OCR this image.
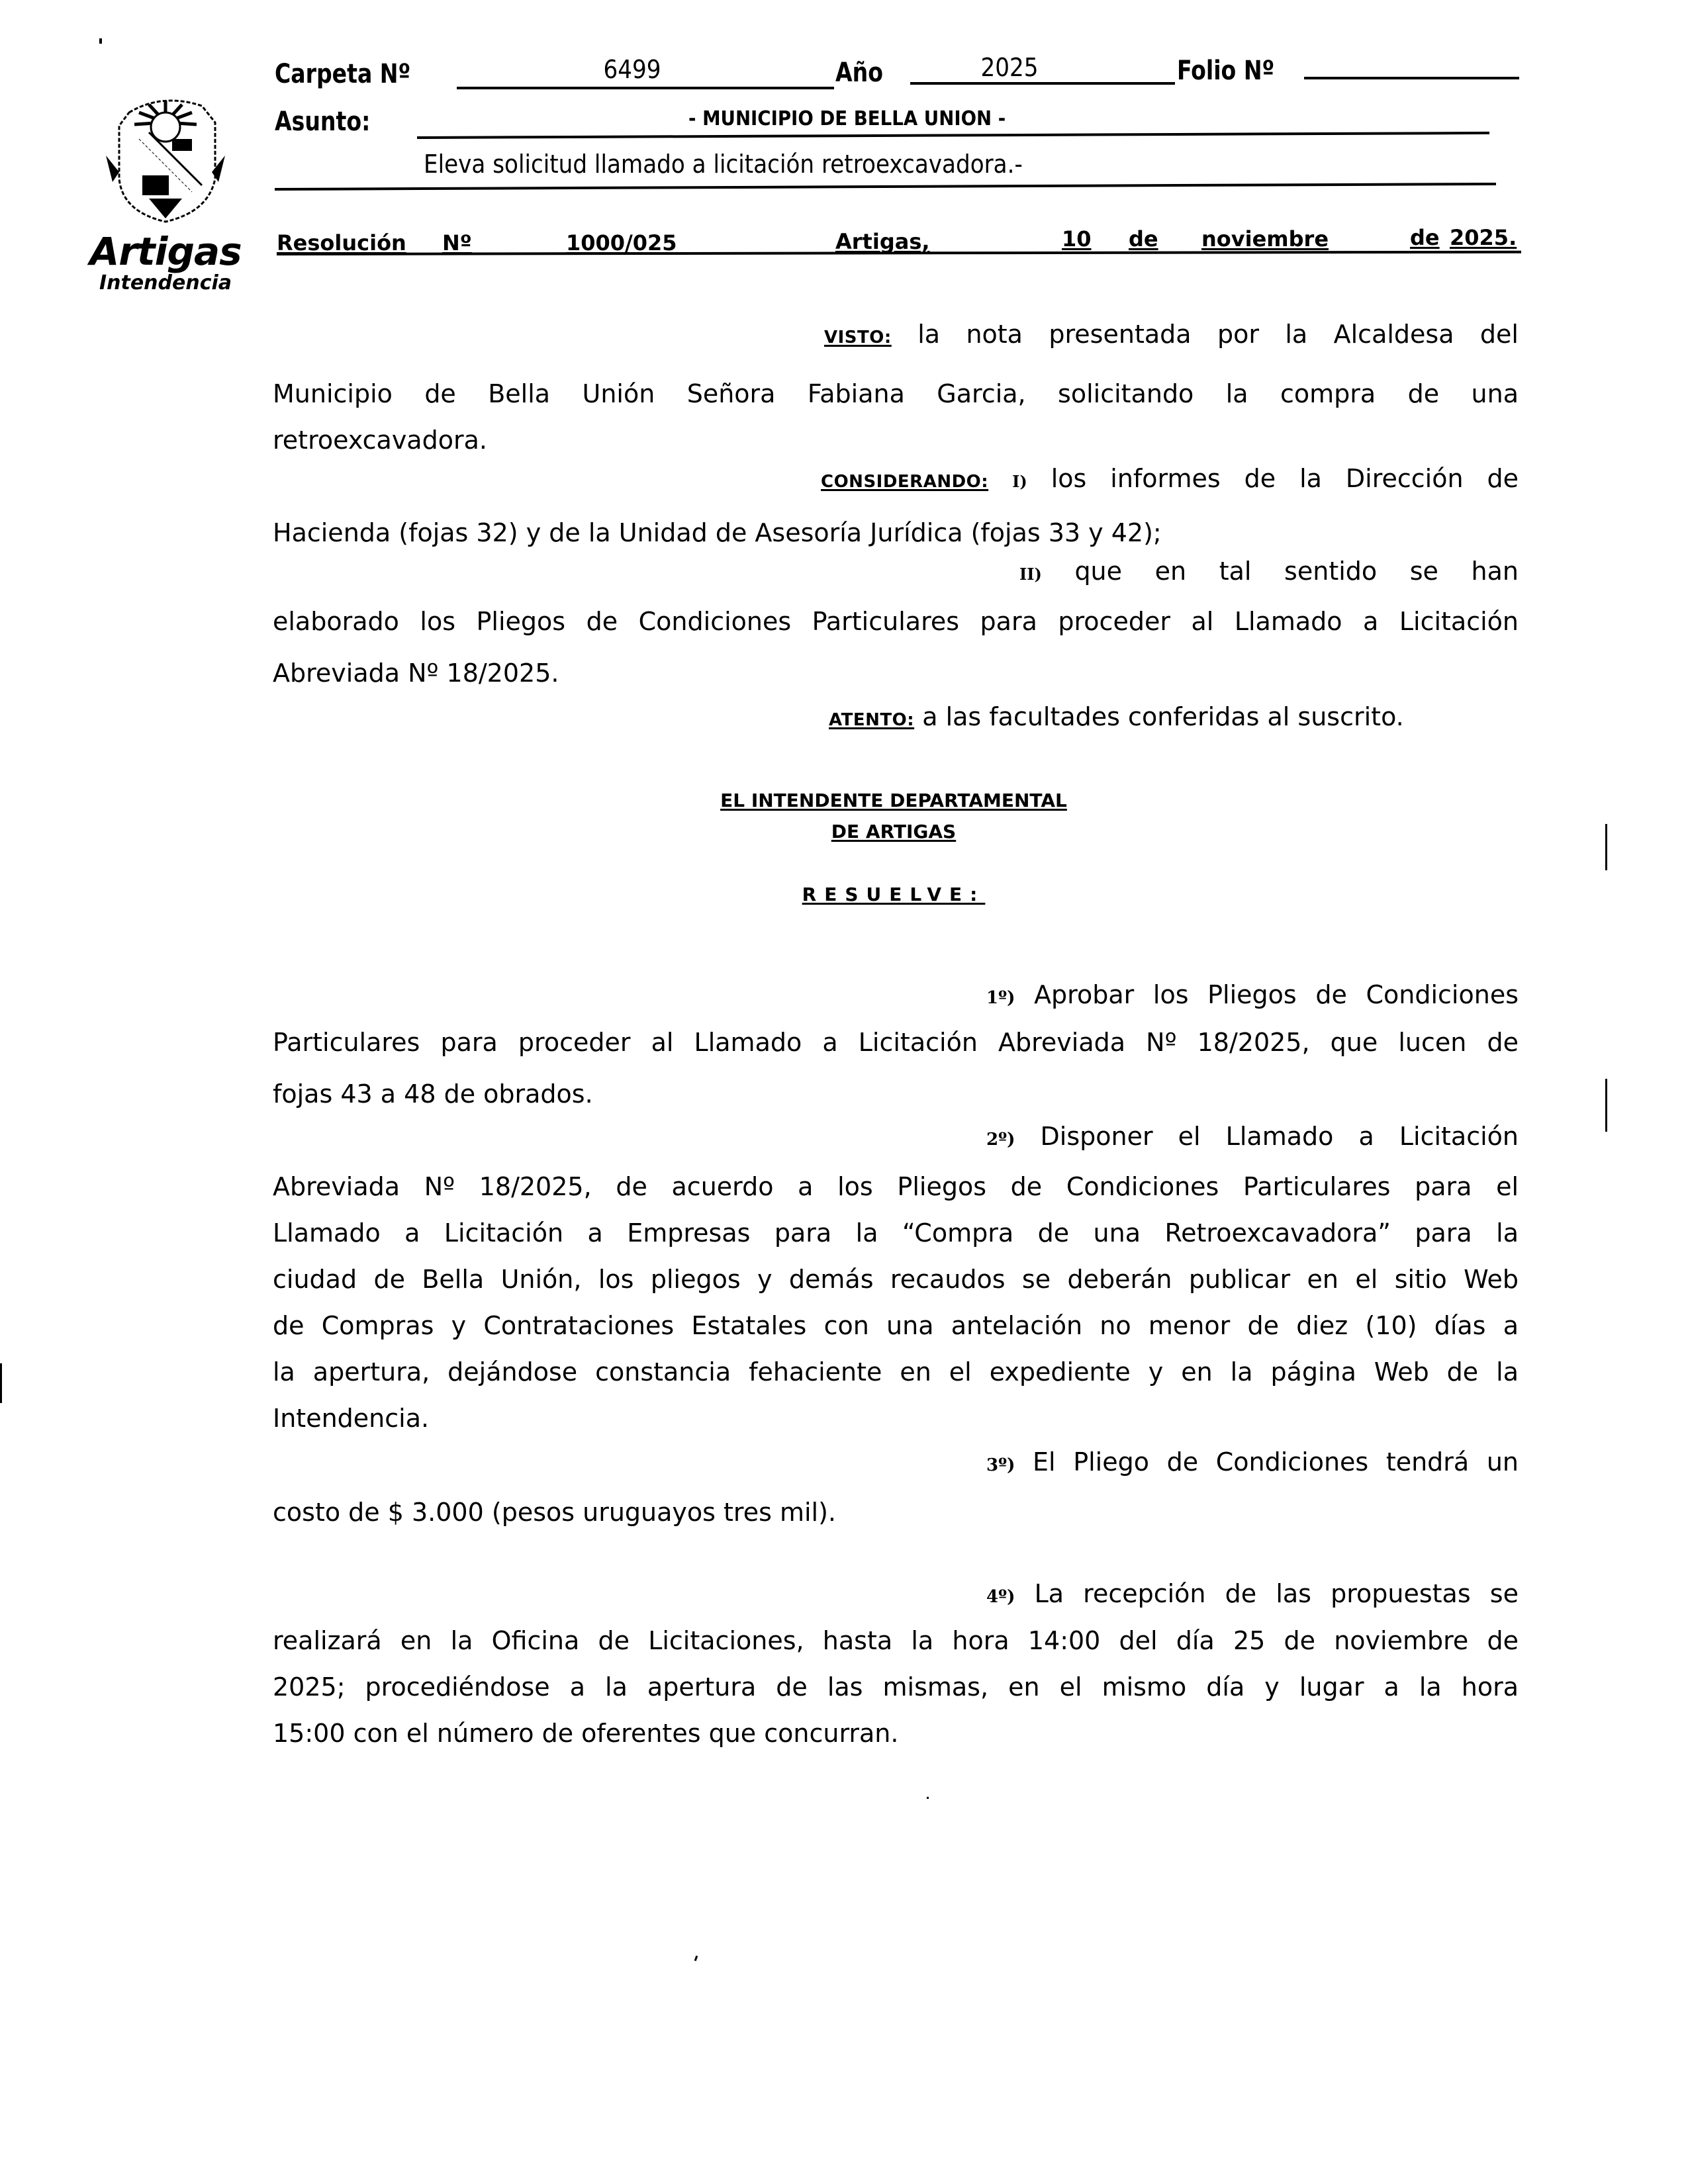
Artigas
Intendencia
Carpeta Nº	6499	Año	2025	Folio Nº
Asunto:	- MUNICIPIO DE BELLA UNION -
Eleva solicitud llamado a licitación retroexcavadora.-
Resolución Nº	1000/025	Artigas,	10 de noviembre	de 2025.
VISTO: la nota presentada por la Alcaldesa del
Municipio de Bella Unión Señora Fabiana Garcia, solicitando la compra de una
retroexcavadora.
CONSIDERANDO: I) los informes de la Dirección de
Hacienda (fojas 32) y de la Unidad de Asesoría Jurídica (fojas 33 y 42);
II) que en tal sentido se han
elaborado los Pliegos de Condiciones Particulares para proceder al Llamado a Licitación
Abreviada Nº 18/2025.
ATENTO: a las facultades conferidas al suscrito.
EL INTENDENTE DEPARTAMENTAL
DE ARTIGAS
RESUELVE:
1º) Aprobar los Pliegos de Condiciones
Particulares para proceder al Llamado a Licitación Abreviada Nº 18/2025, que lucen de
fojas 43 a 48 de obrados.
2º) Disponer el Llamado a Licitación
Abreviada Nº 18/2025, de acuerdo a los Pliegos de Condiciones Particulares para el
Llamado a Licitación a Empresas para la “Compra de una Retroexcavadora” para la
ciudad de Bella Unión, los pliegos y demás recaudos se deberán publicar en el sitio Web
de Compras y Contrataciones Estatales con una antelación no menor de diez (10) días a
la apertura, dejándose constancia fehaciente en el expediente y en la página Web de la
Intendencia.
3º) El Pliego de Condiciones tendrá un
costo de $ 3.000 (pesos uruguayos tres mil).
4º) La recepción de las propuestas se
realizará en la Oficina de Licitaciones, hasta la hora 14:00 del día 25 de noviembre de
2025; procediéndose a la apertura de las mismas, en el mismo día y lugar a la hora
15:00 con el número de oferentes que concurran.
